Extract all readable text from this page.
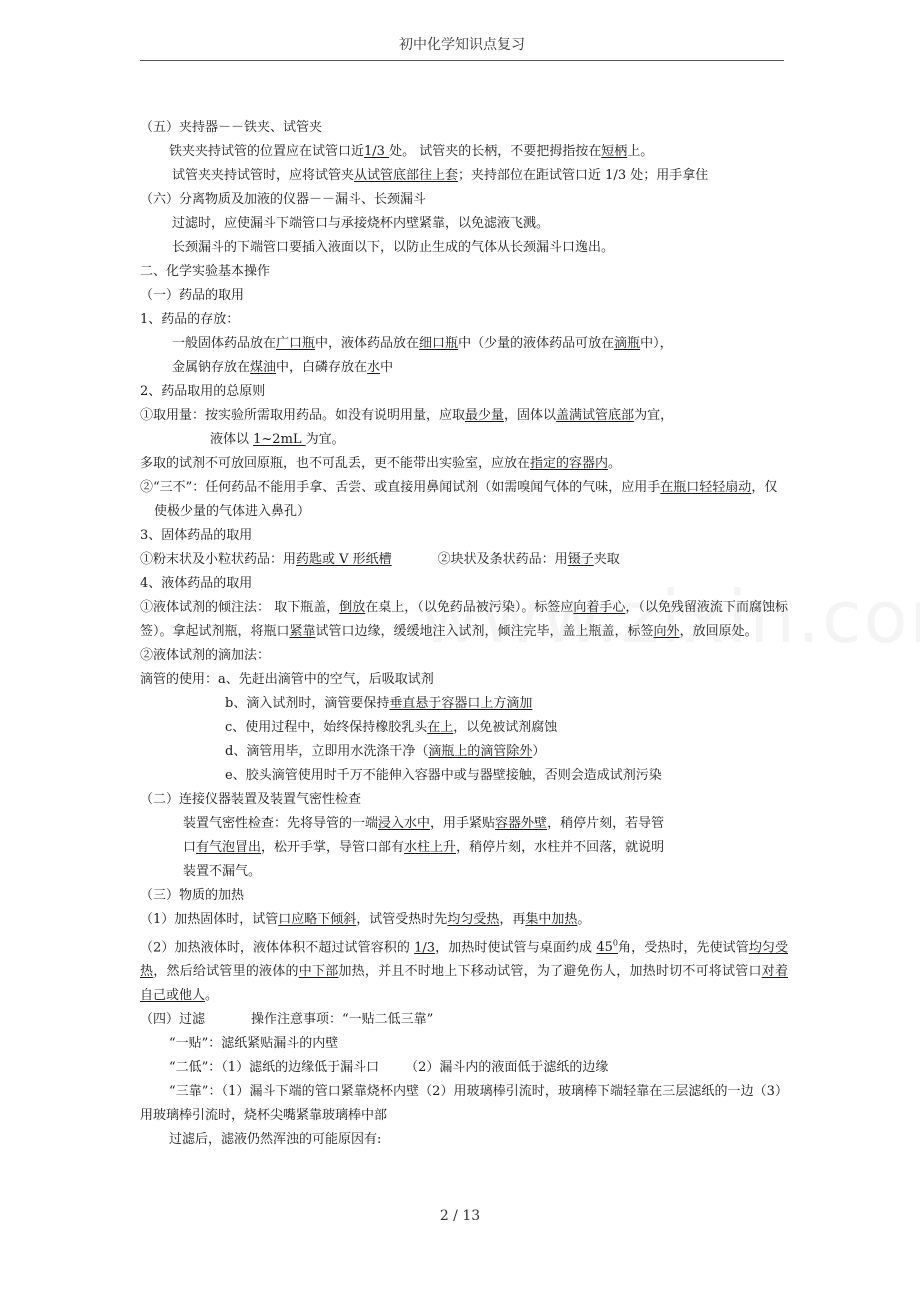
初中化学知识点复习
（五）夹持器－－铁夹、试管夹
铁夹夹持试管的位置应在试管口近1/3 处。 试管夹的长柄，不要把拇指按在短柄上。
试管夹夹持试管时，应将试管夹从试管底部往上套；夹持部位在距试管口近 1/3 处；用手拿住
（六）分离物质及加液的仪器－－漏斗、长颈漏斗
过滤时，应使漏斗下端管口与承接烧杯内壁紧靠，以免滤液飞溅。
长颈漏斗的下端管口要插入液面以下，以防止生成的气体从长颈漏斗口逸出。
二、化学实验基本操作
（一）药品的取用
1、药品的存放：
一般固体药品放在广口瓶中，液体药品放在细口瓶中（少量的液体药品可放在滴瓶中），
金属钠存放在煤油中，白磷存放在水中
2、药品取用的总原则
①取用量：按实验所需取用药品。如没有说明用量，应取最少量，固体以盖满试管底部为宜，
液体以 1~2mL 为宜。
多取的试剂不可放回原瓶，也不可乱丢，更不能带出实验室，应放在指定的容器内。
②“三不”：任何药品不能用手拿、舌尝、或直接用鼻闻试剂（如需嗅闻气体的气味，应用手在瓶口轻轻扇动，仅使极少量的气体进入鼻孔）
3、固体药品的取用
①粉末状及小粒状药品：用药匙或 V 形纸槽	②块状及条状药品：用镊子夹取
4、液体药品的取用
①液体试剂的倾注法： 取下瓶盖，倒放在桌上，（以免药品被污染）。标签应向着手心，（以免残留液流下而腐蚀标签）。拿起试剂瓶，将瓶口紧靠试管口边缘，缓缓地注入试剂，倾注完毕，盖上瓶盖，标签向外，放回原处。
②液体试剂的滴加法：
滴管的使用：a、先赶出滴管中的空气，后吸取试剂
b、滴入试剂时，滴管要保持垂直悬于容器口上方滴加
c、使用过程中，始终保持橡胶乳头在上，以免被试剂腐蚀
d、滴管用毕，立即用水洗涤干净（滴瓶上的滴管除外）
e、胶头滴管使用时千万不能伸入容器中或与器壁接触，否则会造成试剂污染
（二）连接仪器装置及装置气密性检查
装置气密性检查：先将导管的一端浸入水中，用手紧贴容器外壁，稍停片刻，若导管
口有气泡冒出，松开手掌，导管口部有水柱上升，稍停片刻，水柱并不回落，就说明
装置不漏气。
（三）物质的加热
（1）加热固体时，试管口应略下倾斜，试管受热时先均匀受热，再集中加热。
（2）加热液体时，液体体积不超过试管容积的 1/3，加热时使试管与桌面约成 $45^0$角，受热时，先使试管均匀受热，然后给试管里的液体的中下部加热，并且不时地上下移动试管，为了避免伤人，加热时切不可将试管口对着自己或他人。
（四）过滤	操作注意事项：“一贴二低三靠”
“一贴”：滤纸紧贴漏斗的内壁
“二低”：（1）滤纸的边缘低于漏斗口 （2）漏斗内的液面低于滤纸的边缘
“三靠”：（1）漏斗下端的管口紧靠烧杯内壁（2）用玻璃棒引流时，玻璃棒下端轻靠在三层滤纸的一边（3）用玻璃棒引流时，烧杯尖嘴紧靠玻璃棒中部
过滤后，滤液仍然浑浊的可能原因有:
2 / 13
